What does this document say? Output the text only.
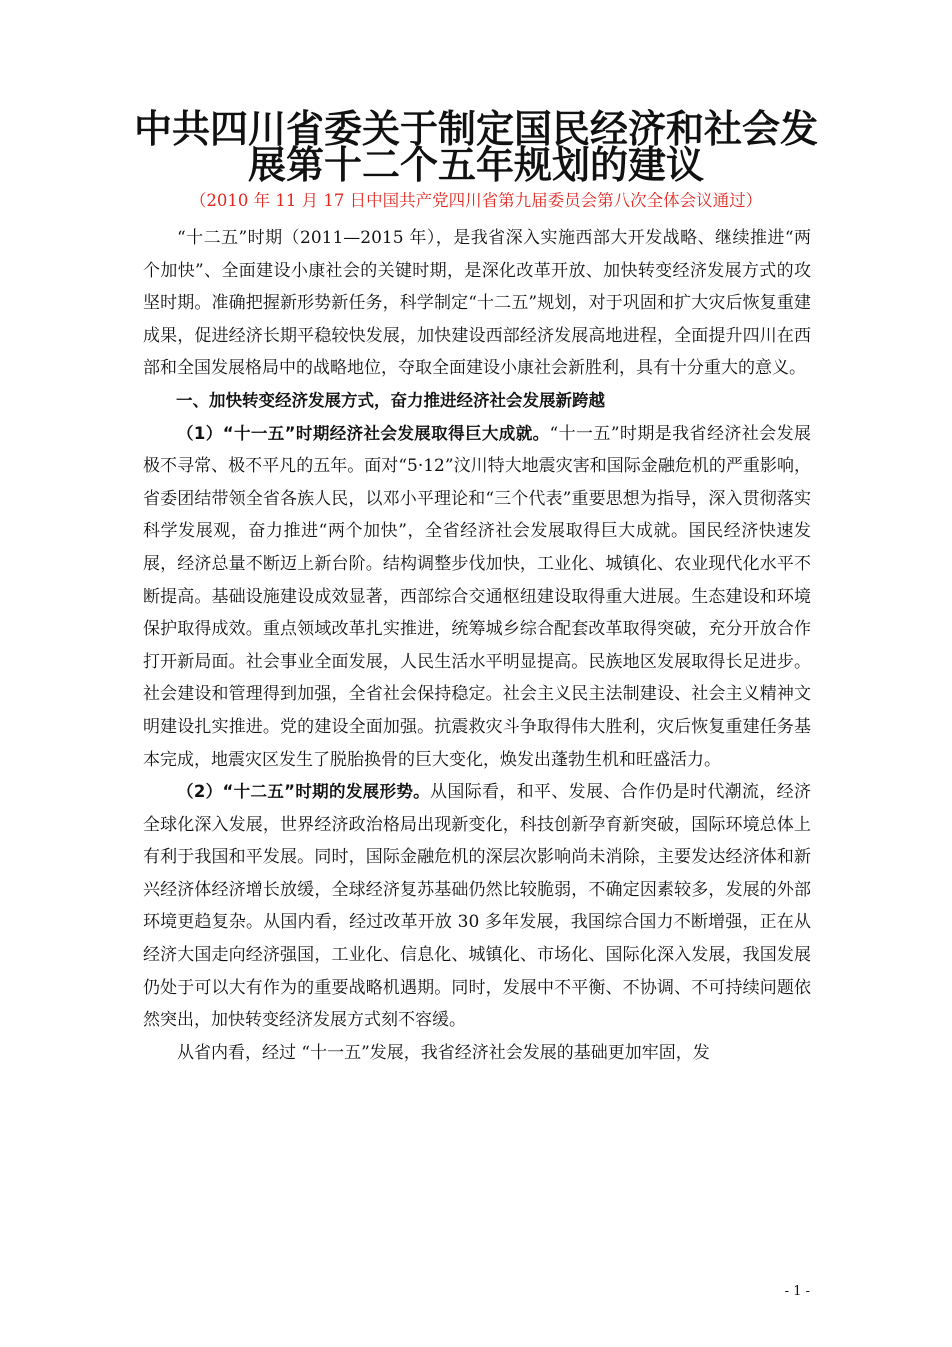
中共四川省委关于制定国民经济和社会发
展第十二个五年规划的建议
（2010 年 11 月 17 日中国共产党四川省第九届委员会第八次全体会议通过）

“十二五”时期（2011—2015 年），是我省深入实施西部大开发战略、继续推进“两个加快”、全面建设小康社会的关键时期，是深化改革开放、加快转变经济发展方式的攻坚时期。准确把握新形势新任务，科学制定“十二五”规划，对于巩固和扩大灾后恢复重建成果，促进经济长期平稳较快发展，加快建设西部经济发展高地进程，全面提升四川在西部和全国发展格局中的战略地位，夺取全面建设小康社会新胜利，具有十分重大的意义。

一、加快转变经济发展方式，奋力推进经济社会发展新跨越

（1）“十一五”时期经济社会发展取得巨大成就。“十一五”时期是我省经济社会发展极不寻常、极不平凡的五年。面对“5·12”汶川特大地震灾害和国际金融危机的严重影响，省委团结带领全省各族人民，以邓小平理论和“三个代表”重要思想为指导，深入贯彻落实科学发展观，奋力推进“两个加快”，全省经济社会发展取得巨大成就。国民经济快速发展，经济总量不断迈上新台阶。结构调整步伐加快，工业化、城镇化、农业现代化水平不断提高。基础设施建设成效显著，西部综合交通枢纽建设取得重大进展。生态建设和环境保护取得成效。重点领域改革扎实推进，统筹城乡综合配套改革取得突破，充分开放合作打开新局面。社会事业全面发展，人民生活水平明显提高。民族地区发展取得长足进步。社会建设和管理得到加强，全省社会保持稳定。社会主义民主法制建设、社会主义精神文明建设扎实推进。党的建设全面加强。抗震救灾斗争取得伟大胜利，灾后恢复重建任务基本完成，地震灾区发生了脱胎换骨的巨大变化，焕发出蓬勃生机和旺盛活力。

（2）“十二五”时期的发展形势。从国际看，和平、发展、合作仍是时代潮流，经济全球化深入发展，世界经济政治格局出现新变化，科技创新孕育新突破，国际环境总体上有利于我国和平发展。同时，国际金融危机的深层次影响尚未消除，主要发达经济体和新兴经济体经济增长放缓，全球经济复苏基础仍然比较脆弱，不确定因素较多，发展的外部环境更趋复杂。从国内看，经过改革开放 30 多年发展，我国综合国力不断增强，正在从经济大国走向经济强国，工业化、信息化、城镇化、市场化、国际化深入发展，我国发展仍处于可以大有作为的重要战略机遇期。同时，发展中不平衡、不协调、不可持续问题依然突出，加快转变经济发展方式刻不容缓。

从省内看，经过 “十一五”发展，我省经济社会发展的基础更加牢固，发

- 1 -
